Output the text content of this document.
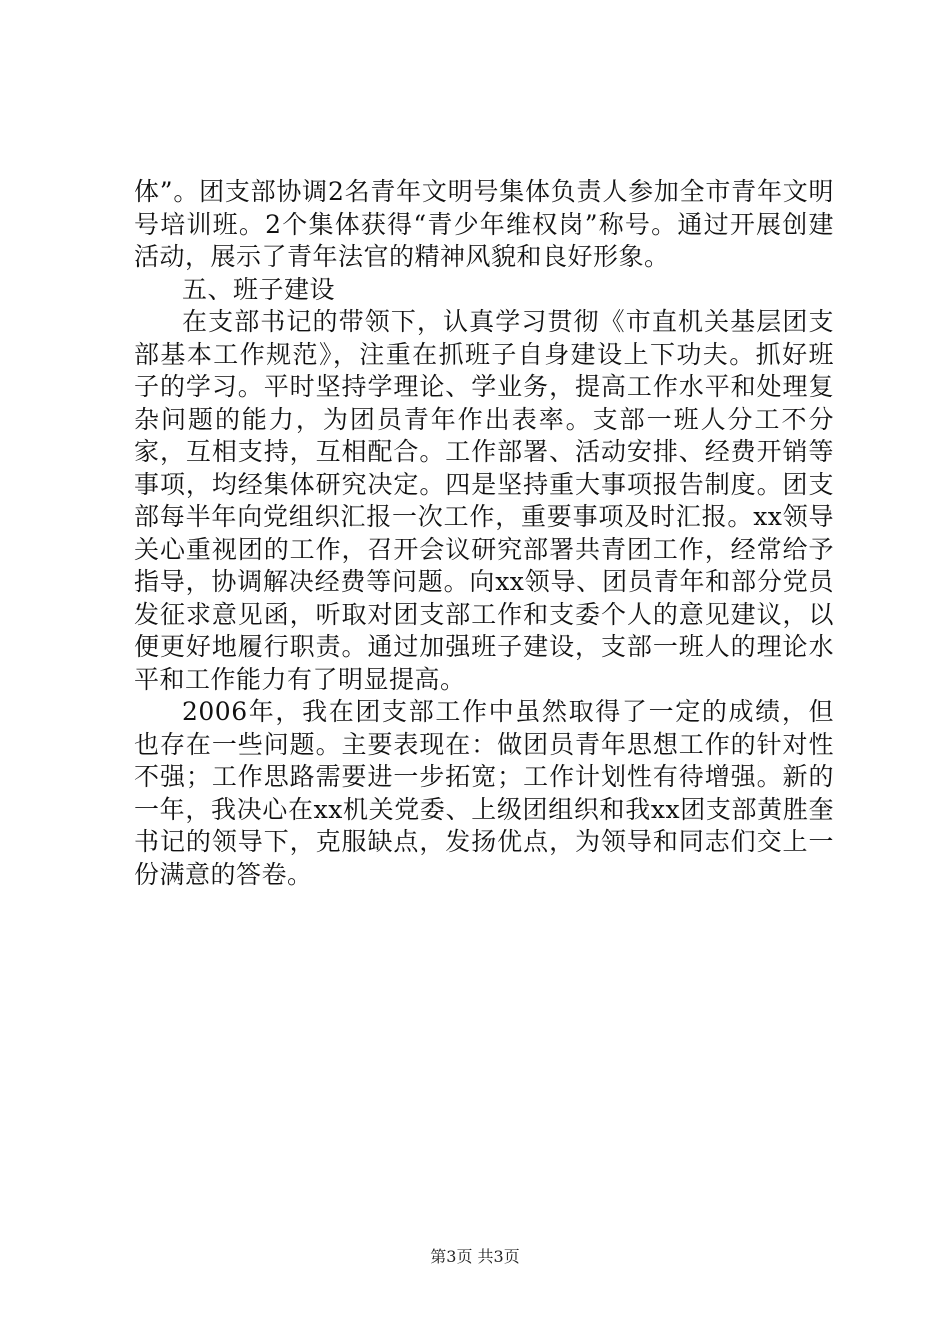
体”。团支部协调2名青年文明号集体负责人参加全市青年文明号培训班。2个集体获得“青少年维权岗”称号。通过开展创建活动，展示了青年法官的精神风貌和良好形象。

五、班子建设

在支部书记的带领下，认真学习贯彻《市直机关基层团支部基本工作规范》，注重在抓班子自身建设上下功夫。抓好班子的学习。平时坚持学理论、学业务，提高工作水平和处理复杂问题的能力，为团员青年作出表率。支部一班人分工不分家，互相支持，互相配合。工作部署、活动安排、经费开销等事项，均经集体研究决定。四是坚持重大事项报告制度。团支部每半年向党组织汇报一次工作，重要事项及时汇报。xx领导关心重视团的工作，召开会议研究部署共青团工作，经常给予指导，协调解决经费等问题。向xx领导、团员青年和部分党员发征求意见函，听取对团支部工作和支委个人的意见建议，以便更好地履行职责。通过加强班子建设，支部一班人的理论水平和工作能力有了明显提高。

2006年，我在团支部工作中虽然取得了一定的成绩，但也存在一些问题。主要表现在：做团员青年思想工作的针对性不强；工作思路需要进一步拓宽；工作计划性有待增强。新的一年，我决心在xx机关党委、上级团组织和我xx团支部黄胜奎书记的领导下，克服缺点，发扬优点，为领导和同志们交上一份满意的答卷。

第3页 共3页
